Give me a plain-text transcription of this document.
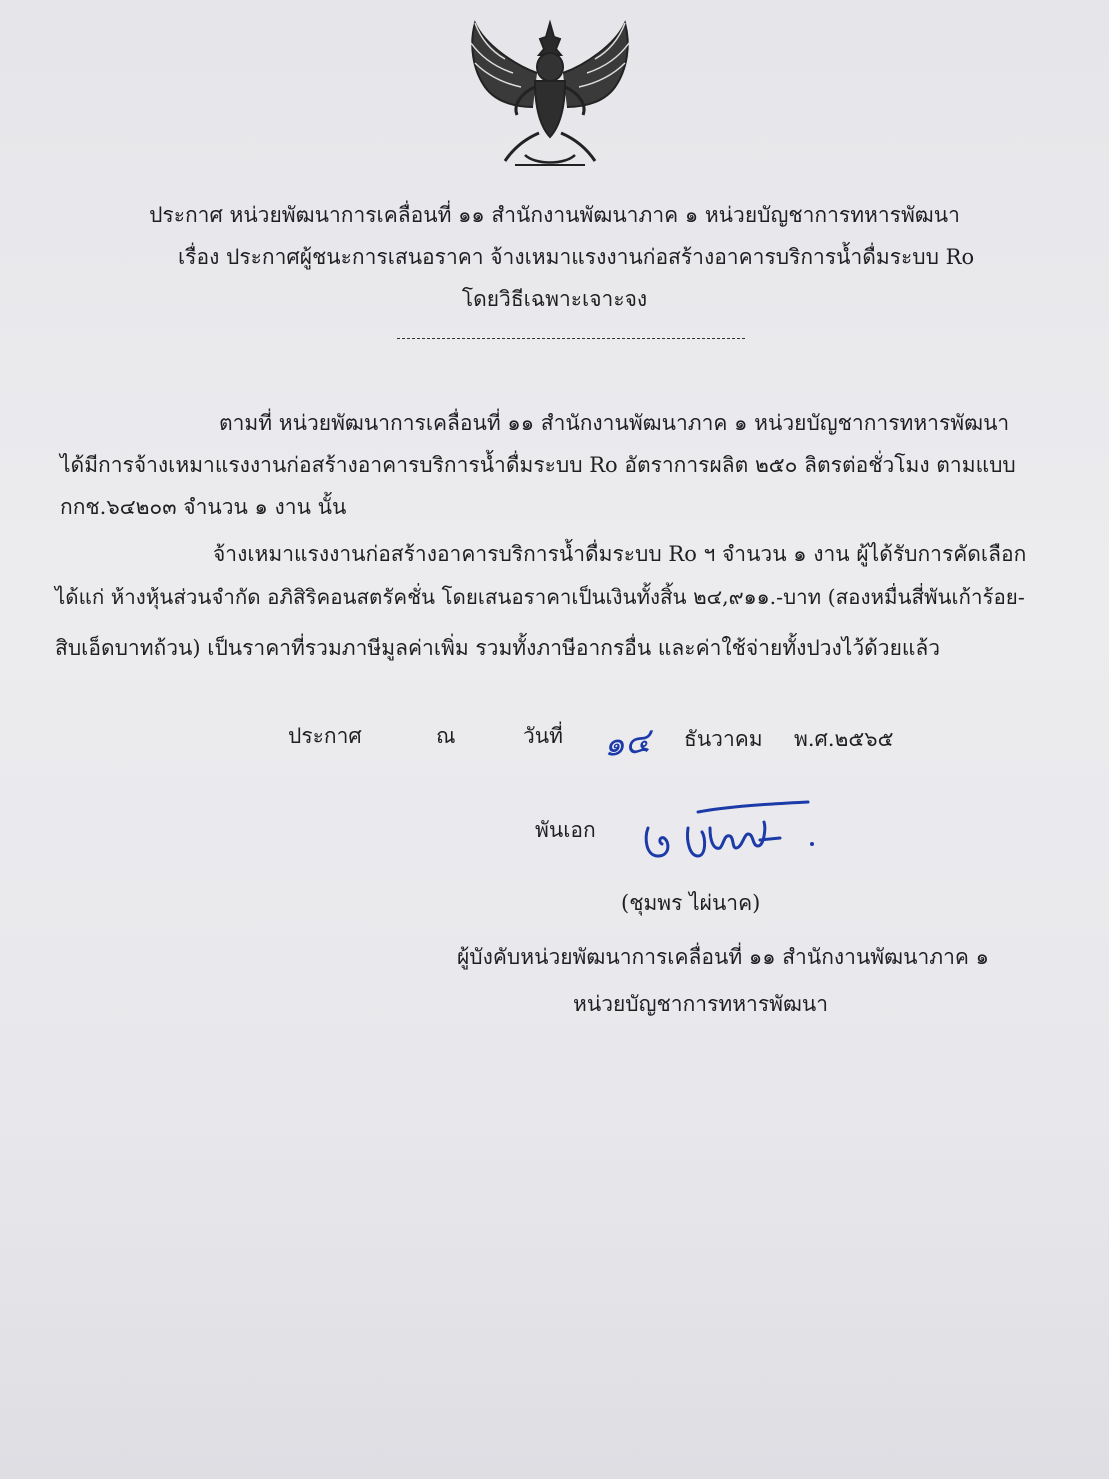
ประกาศ หน่วยพัฒนาการเคลื่อนที่ ๑๑ สำนักงานพัฒนาภาค ๑ หน่วยบัญชาการทหารพัฒนา
เรื่อง ประกาศผู้ชนะการเสนอราคา จ้างเหมาแรงงานก่อสร้างอาคารบริการน้ำดื่มระบบ Ro
โดยวิธีเฉพาะเจาะจง
ตามที่ หน่วยพัฒนาการเคลื่อนที่ ๑๑ สำนักงานพัฒนาภาค ๑ หน่วยบัญชาการทหารพัฒนา
ได้มีการจ้างเหมาแรงงานก่อสร้างอาคารบริการน้ำดื่มระบบ Ro อัตราการผลิต ๒๕๐ ลิตรต่อชั่วโมง ตามแบบ
กกช.๖๔๒๐๓ จำนวน ๑ งาน นั้น
จ้างเหมาแรงงานก่อสร้างอาคารบริการน้ำดื่มระบบ Ro ฯ จำนวน ๑ งาน ผู้ได้รับการคัดเลือก
ได้แก่ ห้างหุ้นส่วนจำกัด อภิสิริคอนสตรัคชั่น โดยเสนอราคาเป็นเงินทั้งสิ้น ๒๔,๙๑๑.-บาท (สองหมื่นสี่พันเก้าร้อย-
สิบเอ็ดบาทถ้วน) เป็นราคาที่รวมภาษีมูลค่าเพิ่ม รวมทั้งภาษีอากรอื่น และค่าใช้จ่ายทั้งปวงไว้ด้วยแล้ว
ประกาศ	ณ	วันที่ ๑๔ ธันวาคม พ.ศ.๒๕๖๕
พันเอก
(ชุมพร ไผ่นาค)
ผู้บังคับหน่วยพัฒนาการเคลื่อนที่ ๑๑ สำนักงานพัฒนาภาค ๑
หน่วยบัญชาการทหารพัฒนา
